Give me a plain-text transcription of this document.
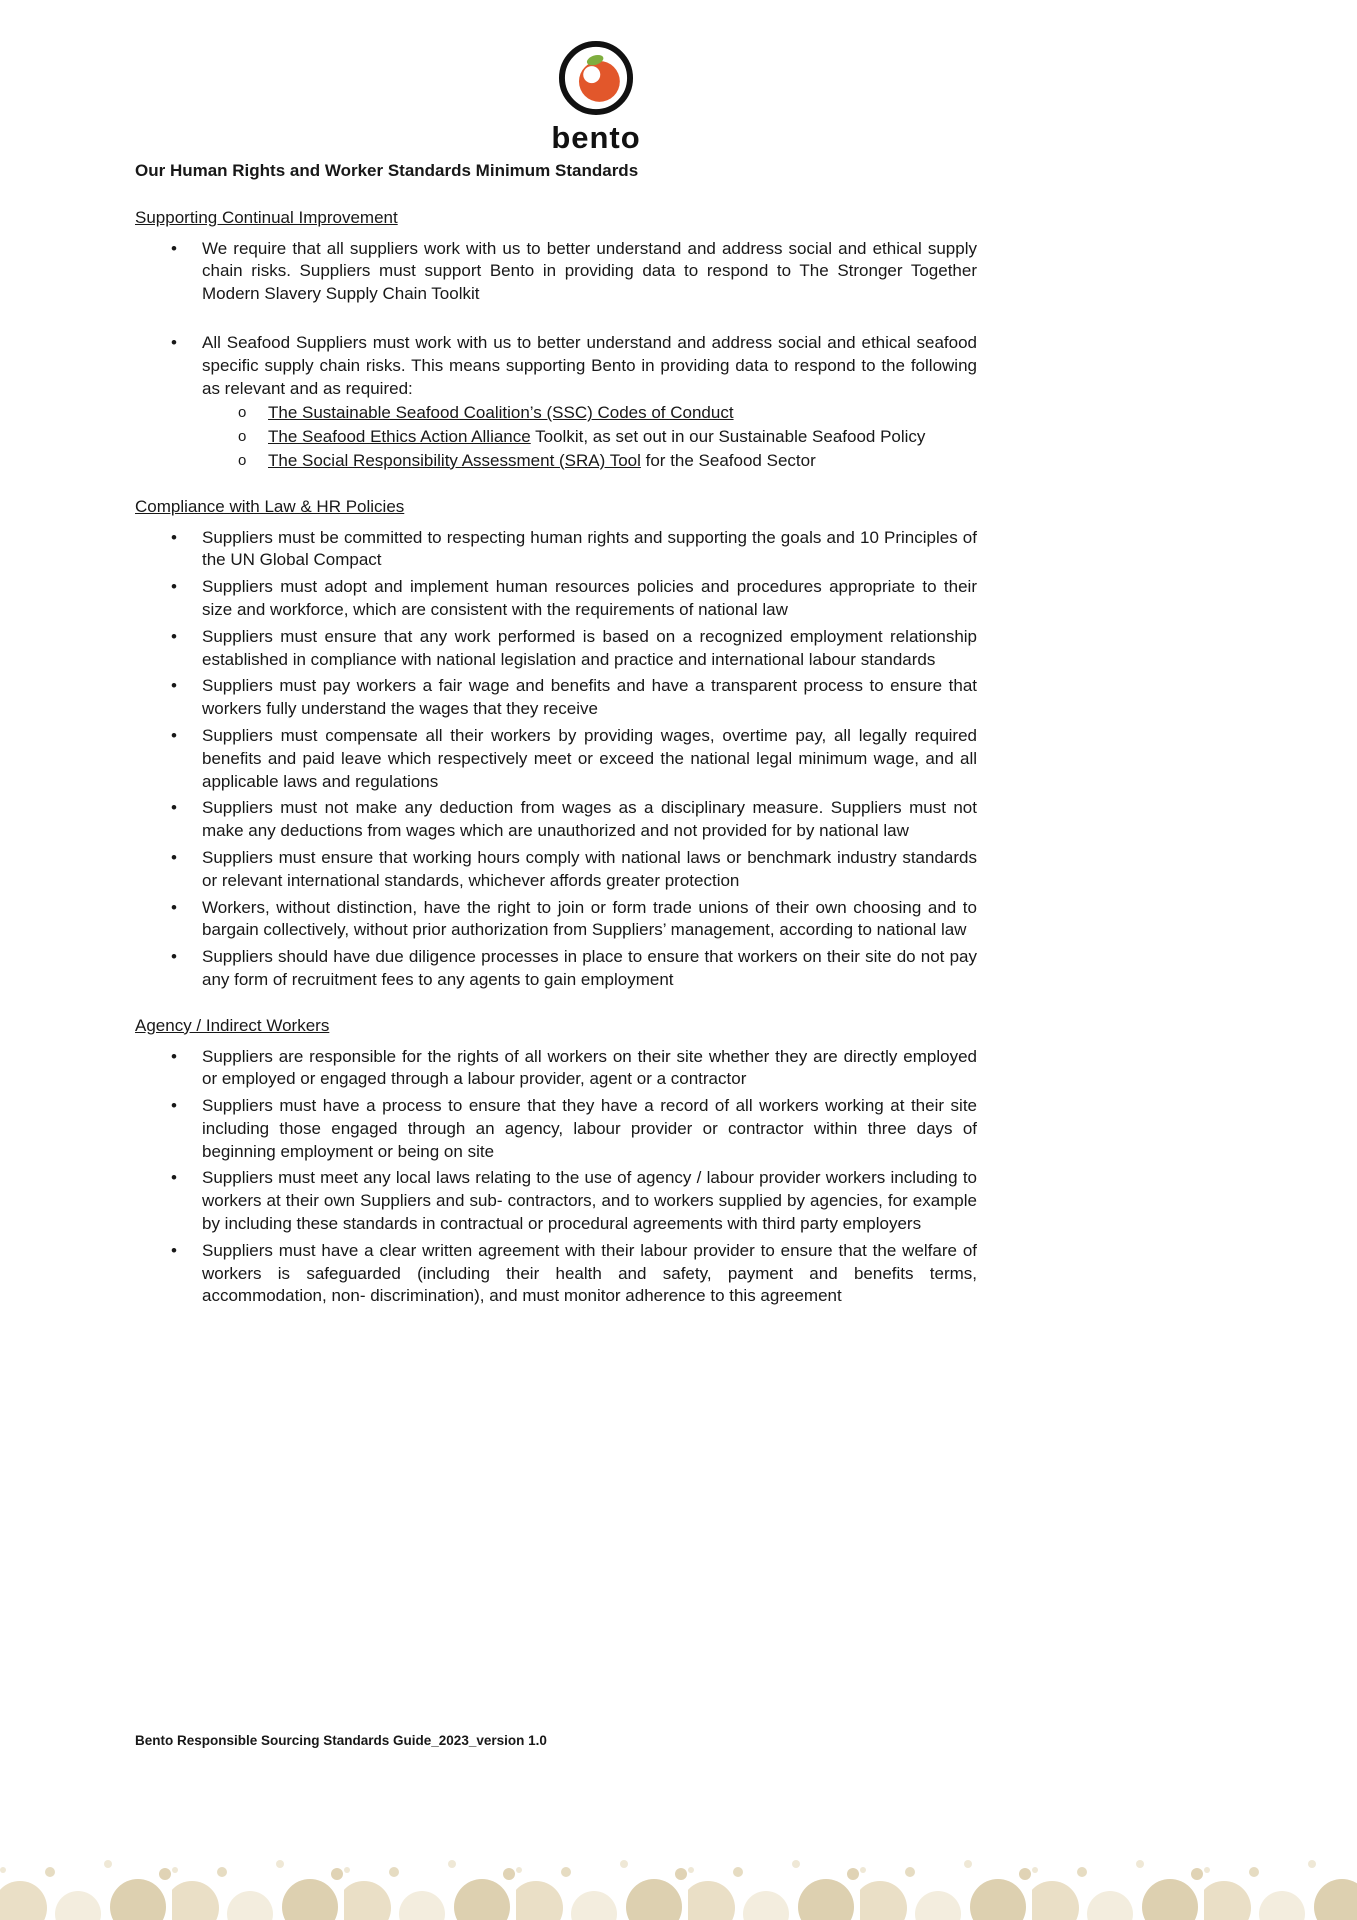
bento
Our Human Rights and Worker Standards Minimum Standards
Supporting Continual Improvement
• We require that all suppliers work with us to better understand and address social and ethical supply chain risks. Suppliers must support Bento in providing data to respond to The Stronger Together Modern Slavery Supply Chain Toolkit
• All Seafood Suppliers must work with us to better understand and address social and ethical seafood specific supply chain risks. This means supporting Bento in providing data to respond to the following as relevant and as required:
o The Sustainable Seafood Coalition’s (SSC) Codes of Conduct
o The Seafood Ethics Action Alliance Toolkit, as set out in our Sustainable Seafood Policy
o The Social Responsibility Assessment (SRA) Tool for the Seafood Sector
Compliance with Law & HR Policies
• Suppliers must be committed to respecting human rights and supporting the goals and 10 Principles of the UN Global Compact
• Suppliers must adopt and implement human resources policies and procedures appropriate to their size and workforce, which are consistent with the requirements of national law
• Suppliers must ensure that any work performed is based on a recognized employment relationship established in compliance with national legislation and practice and international labour standards
• Suppliers must pay workers a fair wage and benefits and have a transparent process to ensure that workers fully understand the wages that they receive
• Suppliers must compensate all their workers by providing wages, overtime pay, all legally required benefits and paid leave which respectively meet or exceed the national legal minimum wage, and all applicable laws and regulations
• Suppliers must not make any deduction from wages as a disciplinary measure. Suppliers must not make any deductions from wages which are unauthorized and not provided for by national law
• Suppliers must ensure that working hours comply with national laws or benchmark industry standards or relevant international standards, whichever affords greater protection
• Workers, without distinction, have the right to join or form trade unions of their own choosing and to bargain collectively, without prior authorization from Suppliers’ management, according to national law
• Suppliers should have due diligence processes in place to ensure that workers on their site do not pay any form of recruitment fees to any agents to gain employment
Agency / Indirect Workers
• Suppliers are responsible for the rights of all workers on their site whether they are directly employed or employed or engaged through a labour provider, agent or a contractor
• Suppliers must have a process to ensure that they have a record of all workers working at their site including those engaged through an agency, labour provider or contractor within three days of beginning employment or being on site
• Suppliers must meet any local laws relating to the use of agency / labour provider workers including to workers at their own Suppliers and sub- contractors, and to workers supplied by agencies, for example by including these standards in contractual or procedural agreements with third party employers
• Suppliers must have a clear written agreement with their labour provider to ensure that the welfare of workers is safeguarded (including their health and safety, payment and benefits terms, accommodation, non- discrimination), and must monitor adherence to this agreement
Bento Responsible Sourcing Standards Guide_2023_version 1.0
